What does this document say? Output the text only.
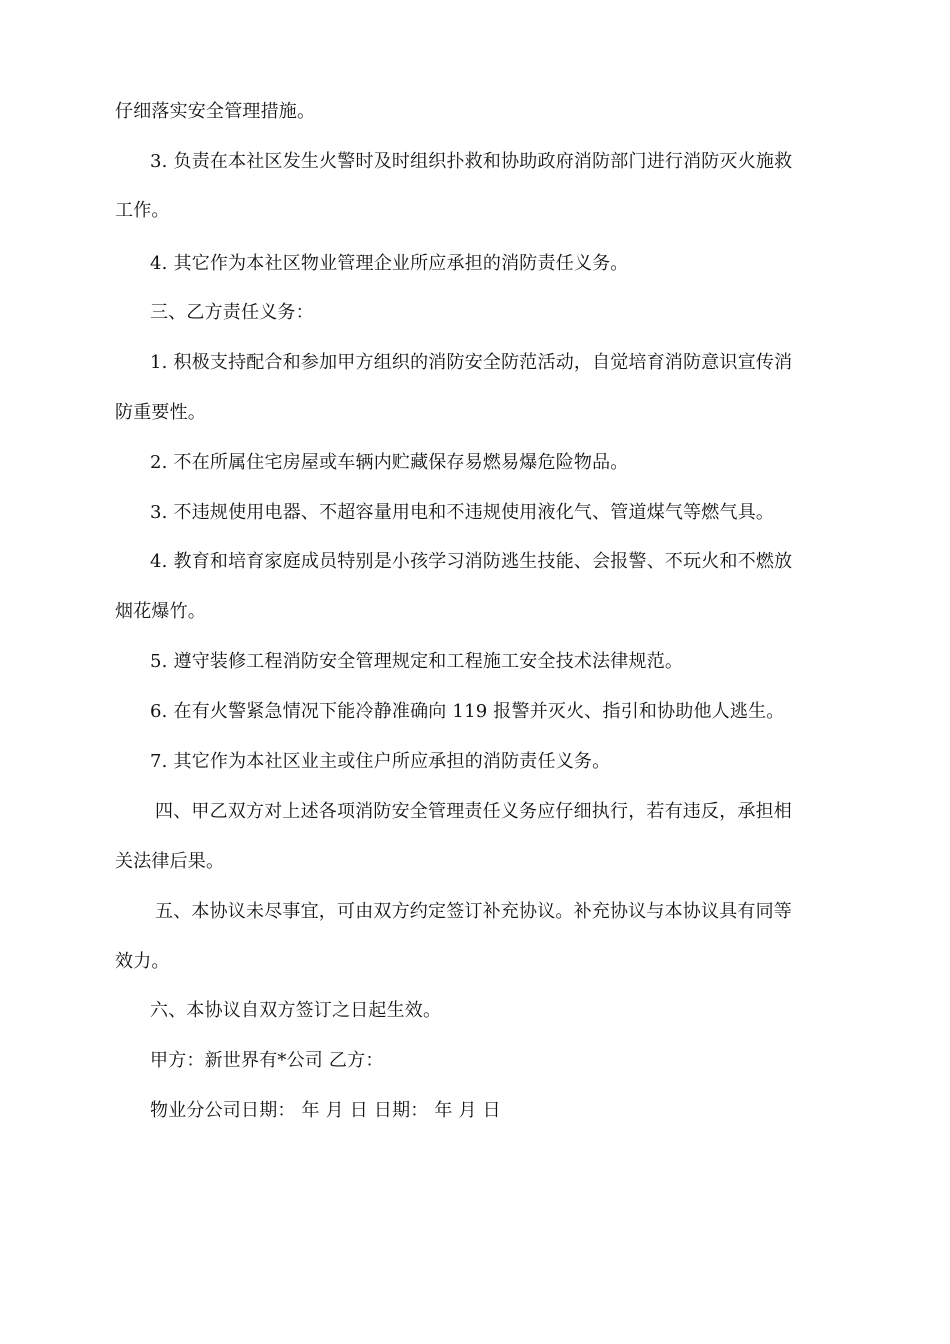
仔细落实安全管理措施。
3. 负责在本社区发生火警时及时组织扑救和协助政府消防部门进行消防灭火施救
工作。
4. 其它作为本社区物业管理企业所应承担的消防责任义务。
三、乙方责任义务：
1. 积极支持配合和参加甲方组织的消防安全防范活动，自觉培育消防意识宣传消
防重要性。
2. 不在所属住宅房屋或车辆内贮藏保存易燃易爆危险物品。
3. 不违规使用电器、不超容量用电和不违规使用液化气、管道煤气等燃气具。
4. 教育和培育家庭成员特别是小孩学习消防逃生技能、会报警、不玩火和不燃放
烟花爆竹。
5. 遵守装修工程消防安全管理规定和工程施工安全技术法律规范。
6. 在有火警紧急情况下能冷静准确向 119 报警并灭火、指引和协助他人逃生。
7. 其它作为本社区业主或住户所应承担的消防责任义务。
四、甲乙双方对上述各项消防安全管理责任义务应仔细执行，若有违反，承担相
关法律后果。
五、本协议未尽事宜，可由双方约定签订补充协议。补充协议与本协议具有同等
效力。
六、本协议自双方签订之日起生效。
甲方：新世界有*公司 乙方：
物业分公司日期： 年 月 日 日期： 年 月 日
